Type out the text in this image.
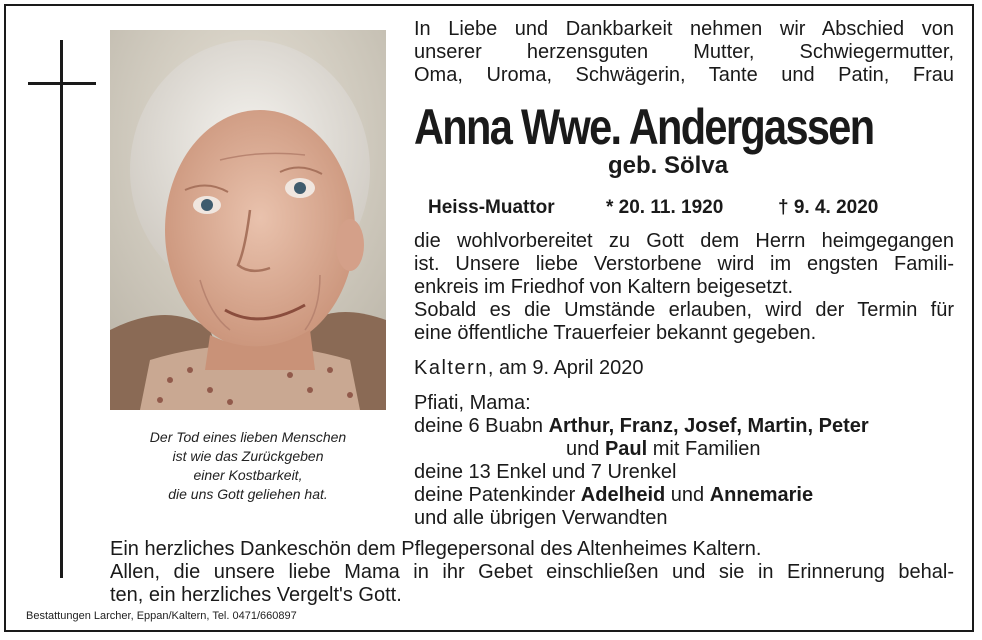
Der Tod eines lieben Menschen
ist wie das Zurückgeben
einer Kostbarkeit,
die uns Gott geliehen hat.
In Liebe und Dankbarkeit nehmen wir Abschied von
unserer herzensguten Mutter, Schwiegermutter,
Oma, Uroma, Schwägerin, Tante und Patin, Frau
Anna Wwe. Andergassen
geb. Sölva
Heiss-Muattor	* 20. 11. 1920	† 9. 4. 2020
die wohlvorbereitet zu Gott dem Herrn heimgegangen
ist. Unsere liebe Verstorbene wird im engsten Famili-
enkreis im Friedhof von Kaltern beigesetzt.
Sobald es die Umstände erlauben, wird der Termin für
eine öffentliche Trauerfeier bekannt gegeben.
Kaltern, am 9. April 2020
Pfiati, Mama:
deine 6 Buabn Arthur, Franz, Josef, Martin, Peter
und Paul mit Familien
deine 13 Enkel und 7 Urenkel
deine Patenkinder Adelheid und Annemarie
und alle übrigen Verwandten
Ein herzliches Dankeschön dem Pflegepersonal des Altenheimes Kaltern.
Allen, die unsere liebe Mama in ihr Gebet einschließen und sie in Erinnerung behal-
ten, ein herzliches Vergelt's Gott.
Bestattungen Larcher, Eppan/Kaltern, Tel. 0471/660897
